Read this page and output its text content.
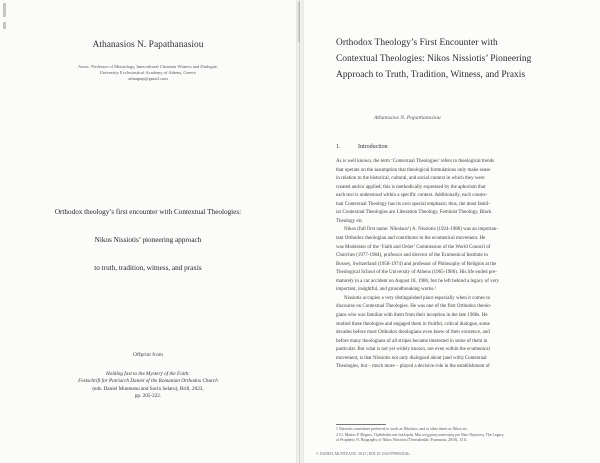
Athanasios N. Papathanasiou
Assoc. Professor of Missiology, Intercultural Christian Witness and Dialogue,
University Ecclesiastical Academy of Athens, Greece
athanpap@gmail.com
Orthodox theology’s first encounter with Contextual Theologies:
Nikos Nissiotis’ pioneering approach
to truth, tradition, witness, and praxis
Offprint from
Holding fast to the Mystery of the Faith:
Festschrift for Patriarch Daniel of the Romanian Orthodox Church
(eds. Daniel Munteanu and Sorin Selaru), Brill, 2023,
pp. 205-222.
Orthodox Theology’s First Encounter with
Contextual Theologies: Nikos Nissiotis’ Pioneering
Approach to Truth, Tradition, Witness, and Praxis
Athanasios N. Papathanasiou
1.	Introduction
As is well known, the term ‘Contextual Theologies’ refers to theological trends
that operate on the assumption that theological formulations only make sense
in relation to the historical, cultural, and social context in which they were
created and/or applied; this is methodically expressed by the aphorism that
each text is understood within a specific context. Additionally, each contex-
tual Contextual Theology has its own special emphasis; thus, the most famil-
iar Contextual Theologies are Liberation Theology, Feminist Theology, Black
Theology etc.
Nikos (full first name: Nikolaos¹) A. Nissiotis (1924-1986) was an importan-
tant Orthodox theologian and contributor to the ecumenical movement. He
was Moderator of the ‘Faith and Order’ Commission of the World Council of
Churches (1977-1984), professor and director of the Ecumenical Institute in
Bossey, Switzerland (1958-1974) and professor of Philosophy of Religion at the
Theological School of the University of Athens (1965-1986). His life ended pre-
maturely in a car accident on August 18, 1986, but he left behind a legacy of very
important, insightful, and groundbreaking works.²
Nissiotis occupies a very distinguished place especially when it comes to
discourse on Contextual Theologies. He was one of the first Orthodox theolo-
gians who was familiar with them from their inception in the late 1960s. He
studied these theologies and engaged them in fruitful, critical dialogue, some
decades before most Orthodox theologians even knew of their existence, and
before many theologians of all stripes became interested in some of them in
particular. But what is not yet widely known, not even within the ecumenical
movement, is that Nissiotis not only dialogued about (and with) Contextual
Theologies, but – much more – played a decisive role in the establishment of
1 Nissiotis sometimes preferred to work as Nikolaos, and at other times as Nikos etc.
2 Cf. Marios P. Begzos, Ὀρθοδοξία καὶ ἐκκλησία. Μια σύγχρονη απάντηση για Νίκο Νησιώτη, The Legacy
of Prophetic N. Biography of Nikos Nissiotis (Thessaloniki: Pournaras, 2010), 13 ff.
© DANIEL MUNTEANU, 2023 | DOI:10.1163/9789004546...
